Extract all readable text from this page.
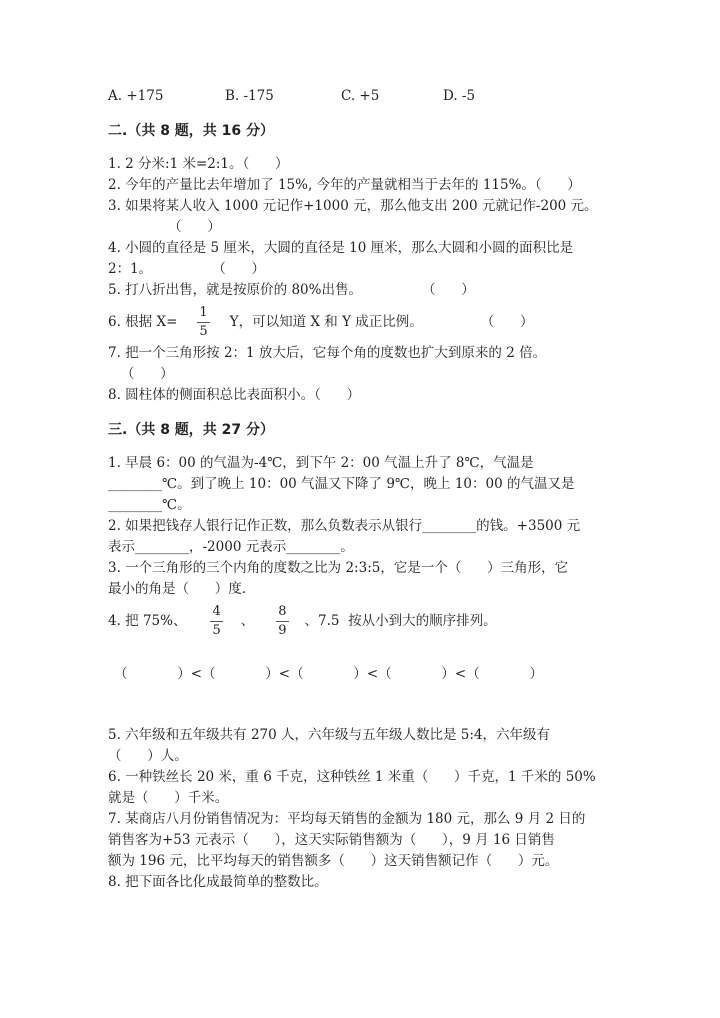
A. +175	B. -175	C. +5	D. -5
二.（共 8 题，共 16 分）
1. 2 分米:1 米=2:1。（      ）
2. 今年的产量比去年增加了 15%, 今年的产量就相当于去年的 115%。（      ）
3. 如果将某人收入 1000 元记作+1000 元，那么他支出 200 元就记作-200 元。
（      ）
4. 小圆的直径是 5 厘米，大圆的直径是 10 厘米，那么大圆和小圆的面积比是
2：1。              （      ）
5. 打八折出售，就是按原价的 80%出售。              （      ）
6. 根据 $X= \frac{1}{5}$ Y，可以知道 X 和 Y 成正比例。	（      ）
7. 把一个三角形按 2：1 放大后，它每个角的度数也扩大到原来的 2 倍。
（      ）
8. 圆柱体的侧面积总比表面积小。（      ）
三.（共 8 题，共 27 分）
1. 早晨 6：00 的气温为-4℃，到下午 2：00 气温上升了 8℃，气温是
________℃。到了晚上 10：00 气温又下降了 9℃，晚上 10：00 的气温又是
________℃。
2. 如果把钱存人银行记作正数，那么负数表示从银行________的钱。+3500 元
表示________，-2000 元表示________。
3. 一个三角形的三个内角的度数之比为 2:3:5，它是一个（      ）三角形，它
最小的角是（      ）度.
4. 把 75%、 $\frac{4}{5}$ 、 $\frac{8}{9}$ 、7.5  按从小到大的顺序排列。
（      ）<（      ）<（      ）<（      ）<（      ）
5. 六年级和五年级共有 270 人，六年级与五年级人数比是 5:4，六年级有
（      ）人。
6. 一种铁丝长 20 米，重 6 千克，这种铁丝 1 米重（      ）千克，1 千米的 50%
就是（      ）千米。
7. 某商店八月份销售情况为：平均每天销售的金额为 180 元，那么 9 月 2 日的
销售客为+53 元表示（      ），这天实际销售额为（      ），9 月 16 日销售
额为 196 元，比平均每天的销售额多（      ）这天销售额记作（      ）元。
8. 把下面各比化成最简单的整数比。
